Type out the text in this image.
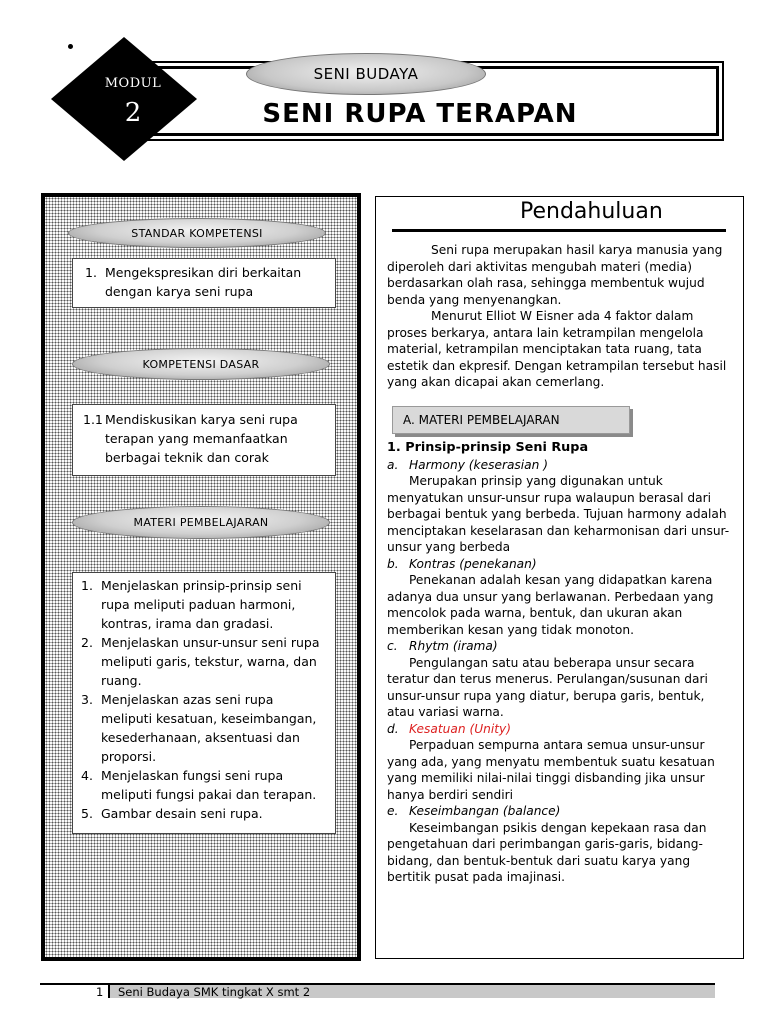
MODUL
2
SENI BUDAYA
SENI RUPA TERAPAN
STANDAR KOMPETENSI
1. Mengekspresikan diri berkaitan dengan karya seni rupa
KOMPETENSI DASAR
1.1 Mendiskusikan karya seni rupa terapan yang memanfaatkan berbagai teknik dan corak
MATERI PEMBELAJARAN
1. Menjelaskan prinsip-prinsip seni rupa meliputi paduan harmoni, kontras, irama dan gradasi.
2. Menjelaskan unsur-unsur seni rupa meliputi garis, tekstur, warna, dan ruang.
3. Menjelaskan azas seni rupa meliputi kesatuan, keseimbangan, kesederhanaan, aksentuasi dan proporsi.
4. Menjelaskan fungsi seni rupa meliputi fungsi pakai dan terapan.
5. Gambar desain seni rupa.
Pendahuluan
Seni rupa merupakan hasil karya manusia yang diperoleh dari aktivitas mengubah materi (media) berdasarkan olah rasa, sehingga membentuk wujud benda yang menyenangkan.
Menurut Elliot W Eisner ada 4 faktor dalam proses berkarya, antara lain ketrampilan mengelola material, ketrampilan menciptakan tata ruang, tata estetik dan ekpresif. Dengan ketrampilan tersebut hasil yang akan dicapai akan cemerlang.
A. MATERI PEMBELAJARAN
1. Prinsip-prinsip Seni Rupa
a. Harmony (keserasian )
Merupakan prinsip yang digunakan untuk menyatukan unsur-unsur rupa walaupun berasal dari berbagai bentuk yang berbeda. Tujuan harmony adalah menciptakan keselarasan dan keharmonisan dari unsur-unsur yang berbeda
b. Kontras (penekanan)
Penekanan adalah kesan yang didapatkan karena adanya dua unsur yang berlawanan. Perbedaan yang mencolok pada warna, bentuk, dan ukuran akan memberikan kesan yang tidak monoton.
c. Rhytm (irama)
Pengulangan satu atau beberapa unsur secara teratur dan terus menerus. Perulangan/susunan dari unsur-unsur rupa yang diatur, berupa garis, bentuk, atau variasi warna.
d. Kesatuan (Unity)
Perpaduan sempurna antara semua unsur-unsur yang ada, yang menyatu membentuk suatu kesatuan yang memiliki nilai-nilai tinggi disbanding jika unsur hanya berdiri sendiri
e. Keseimbangan (balance)
Keseimbangan psikis dengan kepekaan rasa dan pengetahuan dari perimbangan garis-garis, bidang-bidang, dan bentuk-bentuk dari suatu karya yang bertitik pusat pada imajinasi.
1 Seni Budaya SMK tingkat X smt 2
